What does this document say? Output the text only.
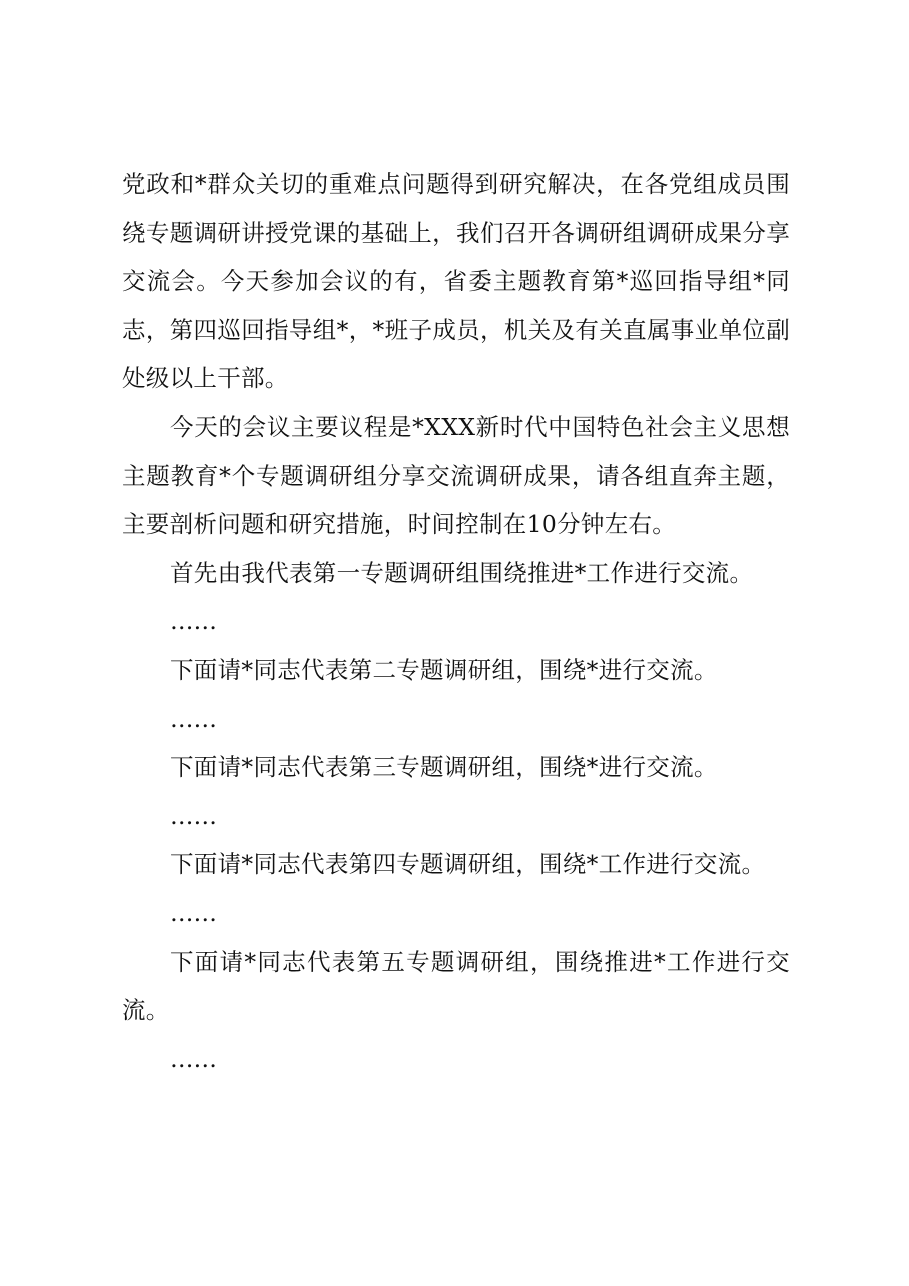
党政和*群众关切的重难点问题得到研究解决，在各党组成员围绕专题调研讲授党课的基础上，我们召开各调研组调研成果分享交流会。今天参加会议的有，省委主题教育第*巡回指导组*同志，第四巡回指导组*，*班子成员，机关及有关直属事业单位副处级以上干部。

今天的会议主要议程是*XXX新时代中国特色社会主义思想主题教育*个专题调研组分享交流调研成果，请各组直奔主题，主要剖析问题和研究措施，时间控制在10分钟左右。

首先由我代表第一专题调研组围绕推进*工作进行交流。

……

下面请*同志代表第二专题调研组，围绕*进行交流。

……

下面请*同志代表第三专题调研组，围绕*进行交流。

……

下面请*同志代表第四专题调研组，围绕*工作进行交流。

……

下面请*同志代表第五专题调研组，围绕推进*工作进行交流。

……
